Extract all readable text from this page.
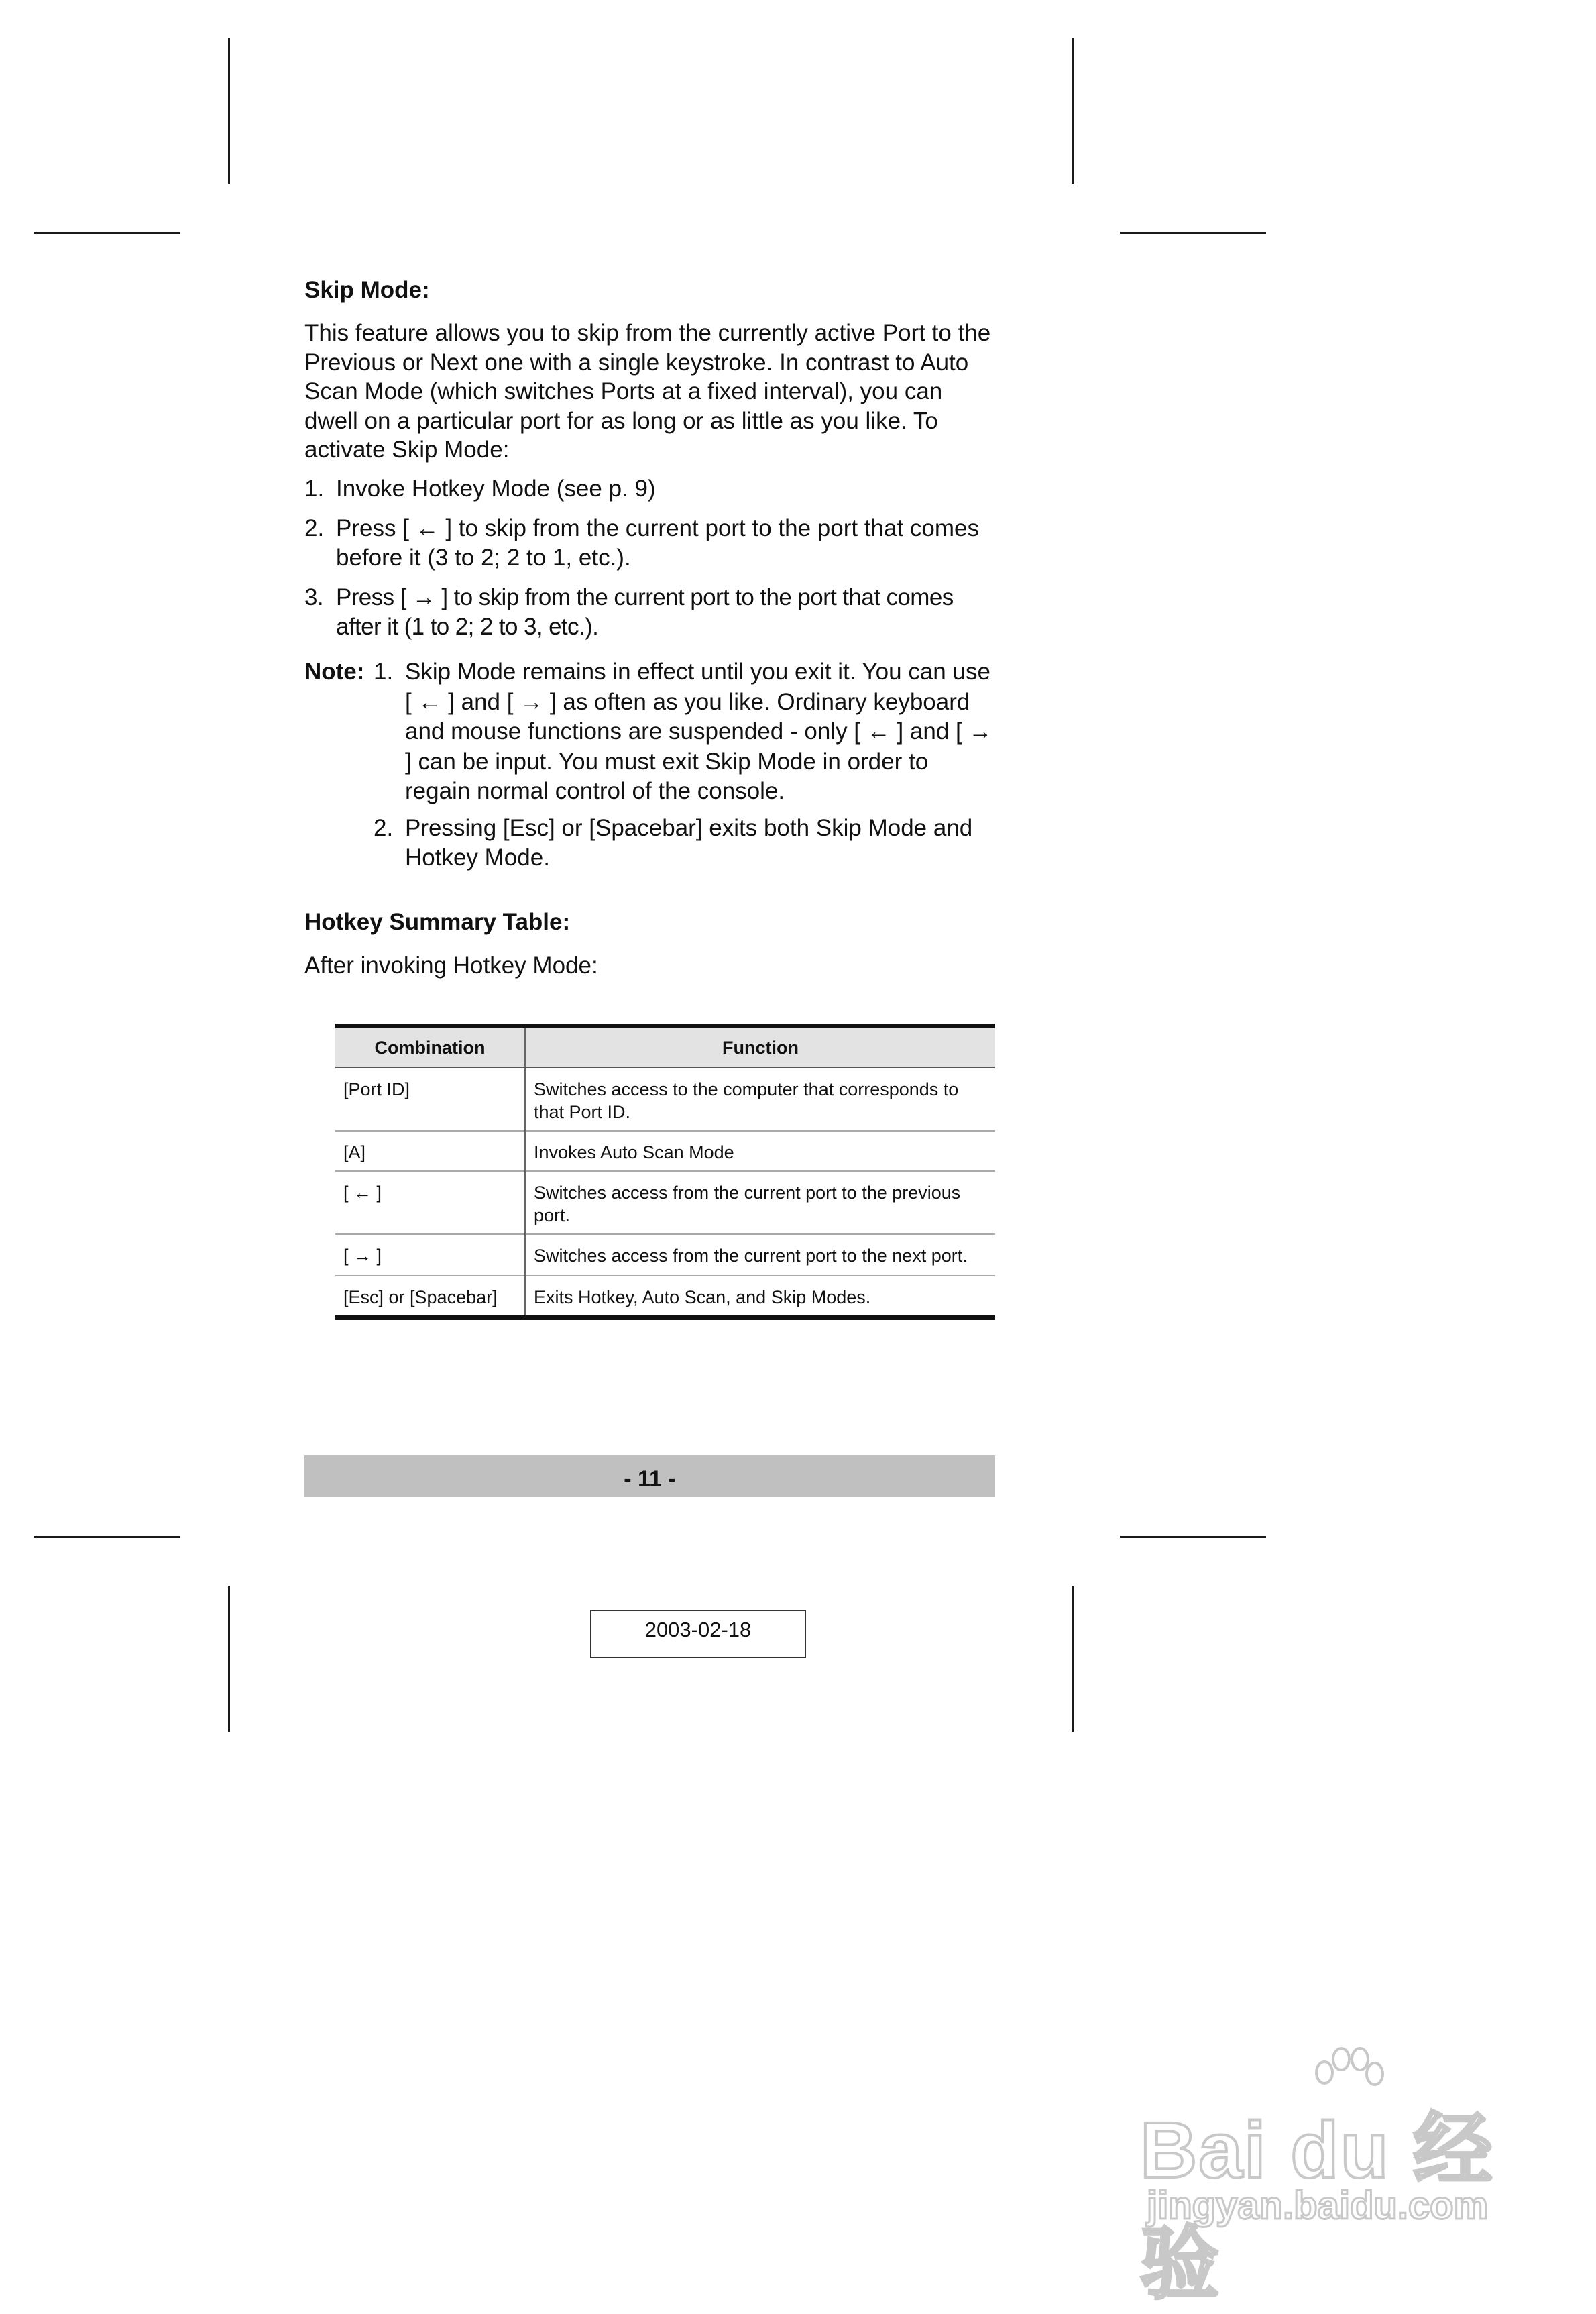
Skip Mode:

This feature allows you to skip from the currently active Port to the Previous or Next one with a single keystroke. In contrast to Auto Scan Mode (which switches Ports at a fixed interval), you can dwell on a particular port for as long or as little as you like. To activate Skip Mode:

1. Invoke Hotkey Mode (see p. 9)
2. Press [ ← ] to skip from the current port to the port that comes before it (3 to 2; 2 to 1, etc.).
3. Press [ → ] to skip from the current port to the port that comes after it (1 to 2; 2 to 3, etc.).
Note: 1. Skip Mode remains in effect until you exit it. You can use [ ← ] and [ → ] as often as you like. Ordinary keyboard and mouse functions are suspended - only [ ← ] and [ → ] can be input. You must exit Skip Mode in order to regain normal control of the console.
2. Pressing [Esc] or [Spacebar] exits both Skip Mode and Hotkey Mode.
Hotkey Summary Table:

After invoking Hotkey Mode:

Combination	Function
[Port ID]	Switches access to the computer that corresponds to that Port ID.
[A]	Invokes Auto Scan Mode
[ ← ]	Switches access from the current port to the previous port.
[ → ]	Switches access from the current port to the next port.
[Esc] or [Spacebar]	Exits Hotkey, Auto Scan, and Skip Modes.
- 11 -
2003-02-18
Bai du 经验
jingyan.baidu.com
